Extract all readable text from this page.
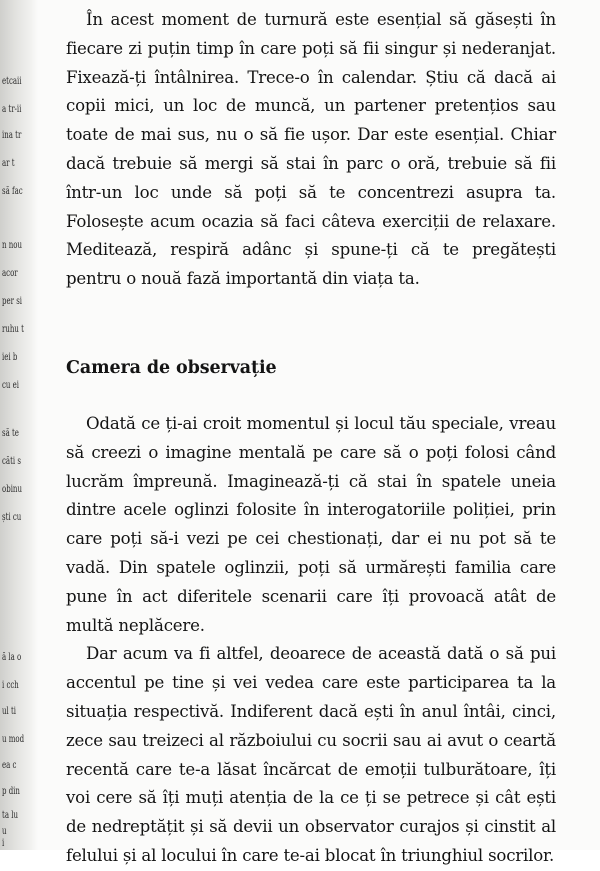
etcaii
a tr-ii
ina tr
ar t
să fac
n nou
acor
per si
ruhu t
iei b
cu ei
să te
căti s
obinu
ști cu
ă la o
i cch
ul ti
u mod
ea c
p din
ta lu
u
i

În acest moment de turnură este esențial să găsești în fiecare zi puțin timp în care poți să fii singur și nederanjat. Fixează-ți întâlnirea. Trece-o în calendar. Știu că dacă ai copii mici, un loc de muncă, un partener pretențios sau toate de mai sus, nu o să fie ușor. Dar este esențial. Chiar dacă trebuie să mergi să stai în parc o oră, trebuie să fii într-un loc unde să poți să te concentrezi asupra ta. Folosește acum ocazia să faci câteva exerciții de relaxare. Meditează, respiră adânc și spune-ți că te pregătești pentru o nouă fază importantă din viața ta.

Camera de observație

Odată ce ți-ai croit momentul și locul tău speciale, vreau să creezi o imagine mentală pe care să o poți folosi când lucrăm împreună. Imaginează-ți că stai în spatele uneia dintre acele oglinzi folosite în interogatoriile poliției, prin care poți să-i vezi pe cei chestionați, dar ei nu pot să te vadă. Din spatele oglinzii, poți să urmărești familia care pune în act diferitele scenarii care îți provoacă atât de multă neplăcere.

Dar acum va fi altfel, deoarece de această dată o să pui accentul pe tine și vei vedea care este participarea ta la situația respectivă. Indiferent dacă ești în anul întâi, cinci, zece sau treizeci al războiului cu socrii sau ai avut o ceartă recentă care te-a lăsat încărcat de emoții tulburătoare, îți voi cere să îți muți atenția de la ce ți se petrece și cât ești de nedreptățit și să devii un observator curajos și cinstit al felului și al locului în care te-ai blocat în triunghiul socrilor.
